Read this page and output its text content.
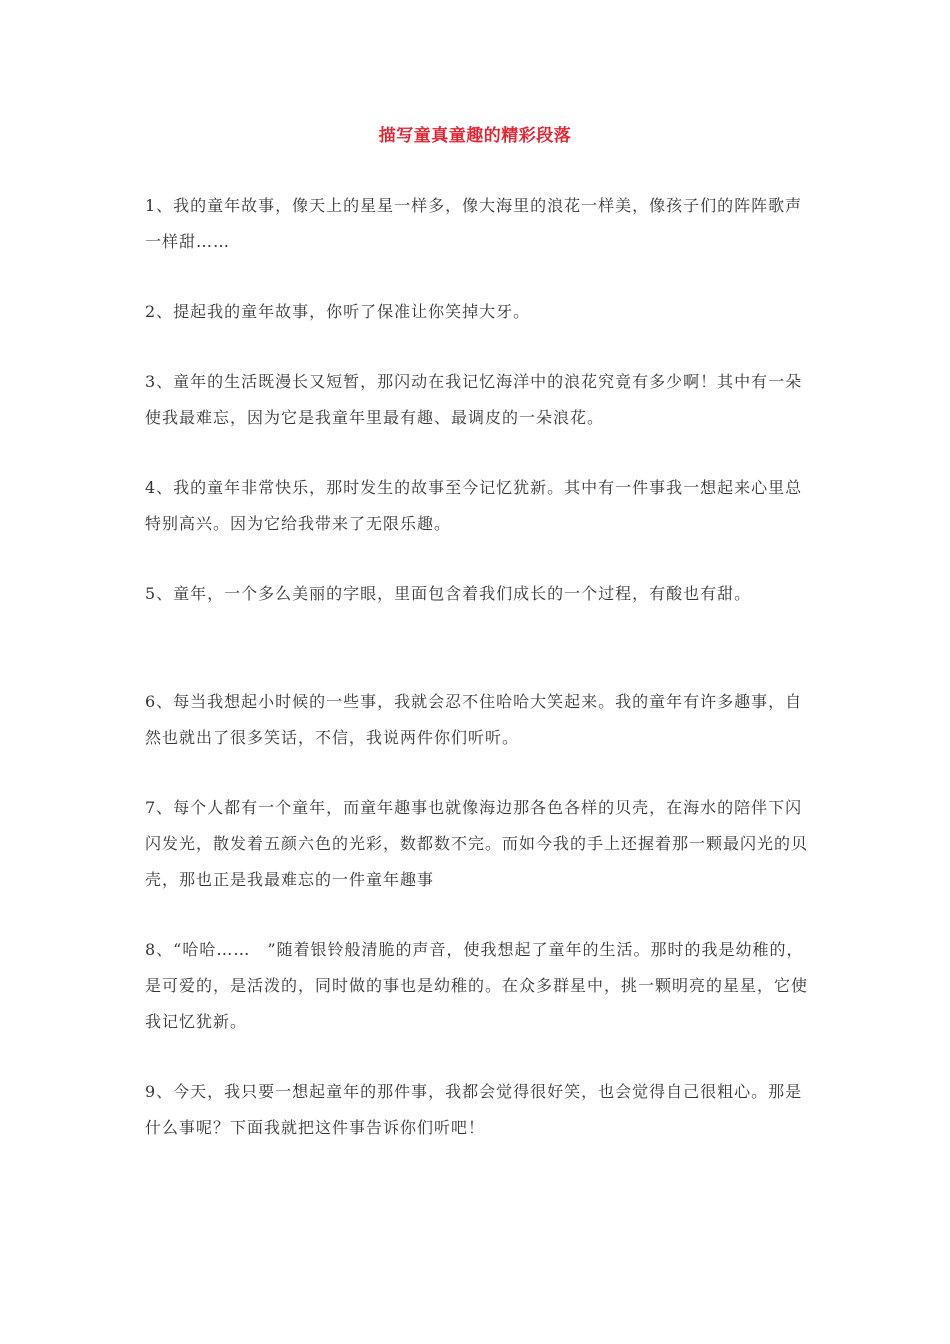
描写童真童趣的精彩段落

1、我的童年故事，像天上的星星一样多，像大海里的浪花一样美，像孩子们的阵阵歌声一样甜……

2、提起我的童年故事，你听了保准让你笑掉大牙。

3、童年的生活既漫长又短暂，那闪动在我记忆海洋中的浪花究竟有多少啊！其中有一朵使我最难忘，因为它是我童年里最有趣、最调皮的一朵浪花。

4、我的童年非常快乐，那时发生的故事至今记忆犹新。其中有一件事我一想起来心里总特别高兴。因为它给我带来了无限乐趣。

5、童年，一个多么美丽的字眼，里面包含着我们成长的一个过程，有酸也有甜。

6、每当我想起小时候的一些事，我就会忍不住哈哈大笑起来。我的童年有许多趣事，自然也就出了很多笑话，不信，我说两件你们听听。

7、每个人都有一个童年，而童年趣事也就像海边那各色各样的贝壳，在海水的陪伴下闪闪发光，散发着五颜六色的光彩，数都数不完。而如今我的手上还握着那一颗最闪光的贝壳，那也正是我最难忘的一件童年趣事

8、“哈哈……　”随着银铃般清脆的声音，使我想起了童年的生活。那时的我是幼稚的，是可爱的，是活泼的，同时做的事也是幼稚的。在众多群星中，挑一颗明亮的星星，它使我记忆犹新。

9、今天，我只要一想起童年的那件事，我都会觉得很好笑，也会觉得自己很粗心。那是什么事呢？下面我就把这件事告诉你们听吧！
